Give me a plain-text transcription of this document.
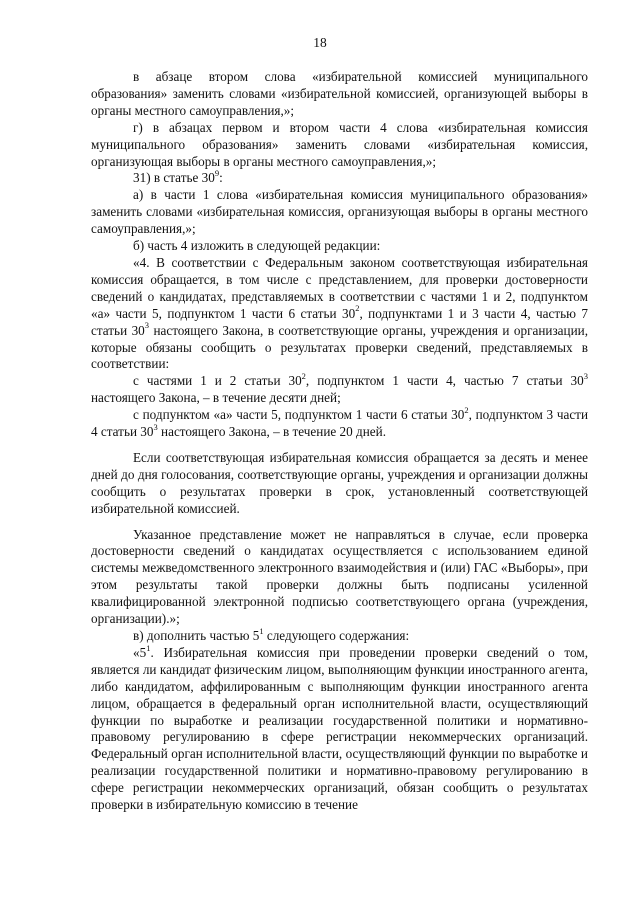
18

в абзаце втором слова «избирательной комиссией муниципального образования» заменить словами «избирательной комиссией, организующей выборы в органы местного самоуправления,»;

г) в абзацах первом и втором части 4 слова «избирательная комиссия муниципального образования» заменить словами «избирательная комиссия, организующая выборы в органы местного самоуправления,»;

31) в статье $30^9$:

а) в части 1 слова «избирательная комиссия муниципального образования» заменить словами «избирательная комиссия, организующая выборы в органы местного самоуправления,»;

б) часть 4 изложить в следующей редакции:

«4. В соответствии с Федеральным законом соответствующая избирательная комиссия обращается, в том числе с представлением, для проверки достоверности сведений о кандидатах, представляемых в соответствии с частями 1 и 2, подпунктом «а» части 5, подпунктом 1 части 6 статьи $30^2$, подпунктами 1 и 3 части 4, частью 7 статьи $30^3$ настоящего Закона, в соответствующие органы, учреждения и организации, которые обязаны сообщить о результатах проверки сведений, представляемых в соответствии:

с частями 1 и 2 статьи $30^2$, подпунктом 1 части 4, частью 7 статьи $30^3$ настоящего Закона, – в течение десяти дней;

с подпунктом «а» части 5, подпунктом 1 части 6 статьи $30^2$, подпунктом 3 части 4 статьи $30^3$ настоящего Закона, – в течение 20 дней.

Если соответствующая избирательная комиссия обращается за десять и менее дней до дня голосования, соответствующие органы, учреждения и организации должны сообщить о результатах проверки в срок, установленный соответствующей избирательной комиссией.

Указанное представление может не направляться в случае, если проверка достоверности сведений о кандидатах осуществляется с использованием единой системы межведомственного электронного взаимодействия и (или) ГАС «Выборы», при этом результаты такой проверки должны быть подписаны усиленной квалифицированной электронной подписью соответствующего органа (учреждения, организации).»;

в) дополнить частью $5^1$ следующего содержания:

«$5^1$. Избирательная комиссия при проведении проверки сведений о том, является ли кандидат физическим лицом, выполняющим функции иностранного агента, либо кандидатом, аффилированным с выполняющим функции иностранного агента лицом, обращается в федеральный орган исполнительной власти, осуществляющий функции по выработке и реализации государственной политики и нормативно-правовому регулированию в сфере регистрации некоммерческих организаций. Федеральный орган исполнительной власти, осуществляющий функции по выработке и реализации государственной политики и нормативно-правовому регулированию в сфере регистрации некоммерческих организаций, обязан сообщить о результатах проверки в избирательную комиссию в течение
